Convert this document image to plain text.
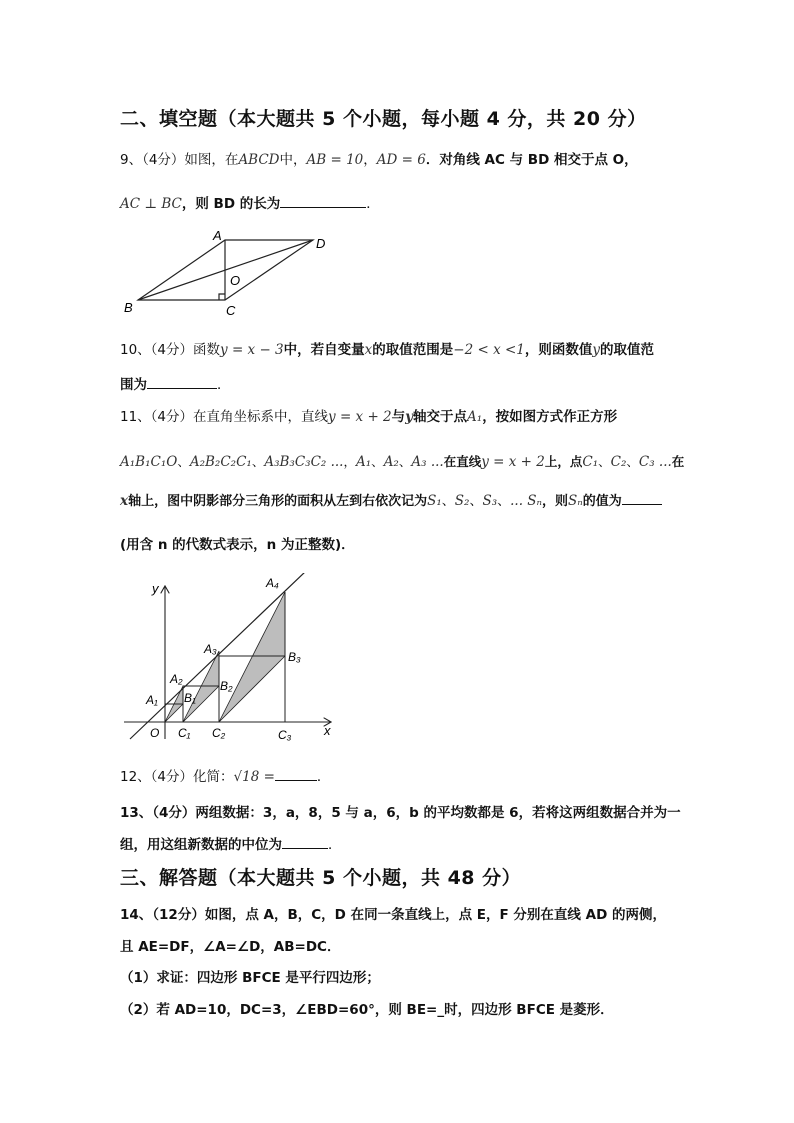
二、填空题（本大题共 5 个小题，每小题 4 分，共 20 分）
9、（4分）如图，在ABCD中，AB = 10，AD = 6．对角线 AC 与 BD 相交于点 O，
AC ⊥ BC，则 BD 的长为	．
A
D
O
B	C
10、（4分）函数y = x − 3中，若自变量x的取值范围是−2 < x <1，则函数值y的取值范
围为	．
11、（4分）在直角坐标系中，直线y = x + 2与y轴交于点A₁，按如图方式作正方形
A₁B₁C₁O、A₂B₂C₂C₁、A₃B₃C₃C₂ ...，A₁、A₂、A₃ ...在直线y = x + 2上，点C₁、C₂、C₃ ...在
x轴上，图中阴影部分三角形的面积从左到右依次记为S₁、S₂、S₃、... Sₙ，则Sₙ的值为
(用含 n 的代数式表示，n 为正整数)．
y
x
O
A₁
A₂
A₃
A₄
B₁
B₂
B₃
C₁ C₂	C₃
12、（4分）化简：√18 =	．
13、（4分）两组数据：3，a，8，5 与 a，6，b 的平均数都是 6，若将这两组数据合并为一
组，用这组新数据的中位为	．
三、解答题（本大题共 5 个小题，共 48 分）
14、（12分）如图，点 A，B，C，D 在同一条直线上，点 E，F 分别在直线 AD 的两侧，
且 AE=DF，∠A=∠D，AB=DC．
（1）求证：四边形 BFCE 是平行四边形；
（2）若 AD=10，DC=3，∠EBD=60°，则 BE=_时，四边形 BFCE 是菱形．
